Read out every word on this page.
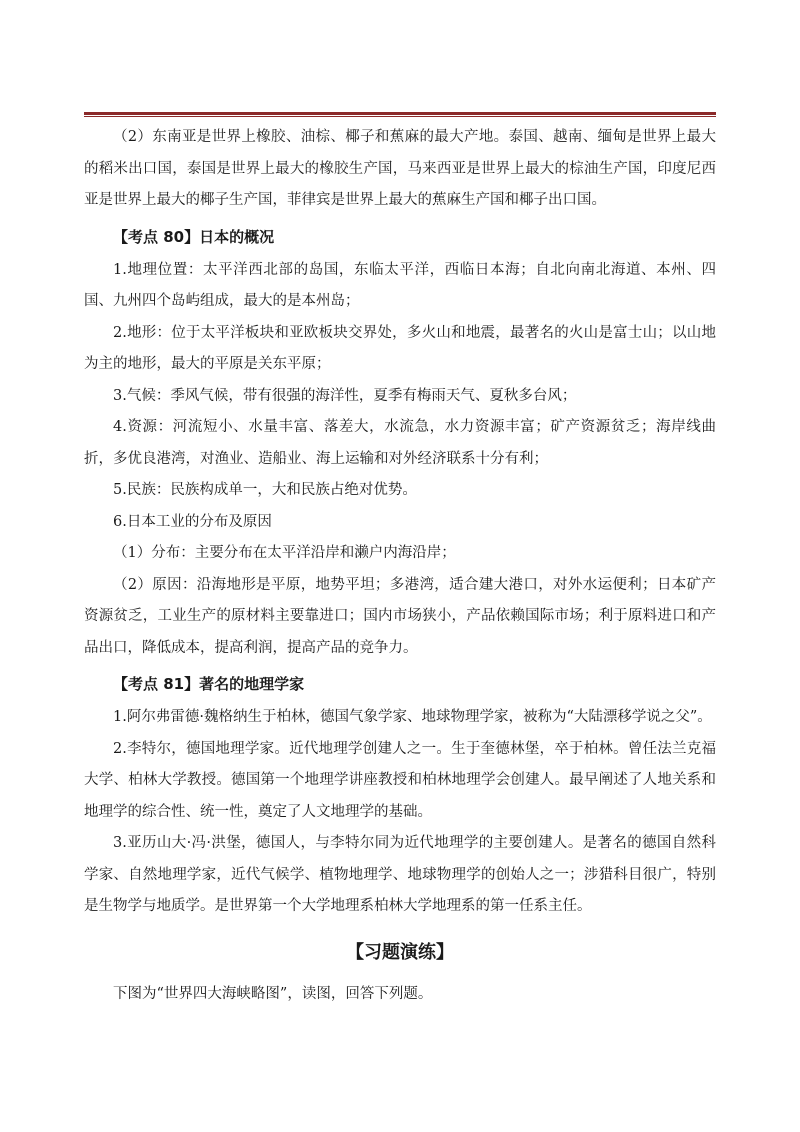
（2）东南亚是世界上橡胶、油棕、椰子和蕉麻的最大产地。泰国、越南、缅甸是世界上最大的稻米出口国，泰国是世界上最大的橡胶生产国，马来西亚是世界上最大的棕油生产国，印度尼西亚是世界上最大的椰子生产国，菲律宾是世界上最大的蕉麻生产国和椰子出口国。

【考点 80】日本的概况

1.地理位置：太平洋西北部的岛国，东临太平洋，西临日本海；自北向南北海道、本州、四国、九州四个岛屿组成，最大的是本州岛；

2.地形：位于太平洋板块和亚欧板块交界处，多火山和地震，最著名的火山是富士山；以山地为主的地形，最大的平原是关东平原；

3.气候：季风气候，带有很强的海洋性，夏季有梅雨天气、夏秋多台风；

4.资源：河流短小、水量丰富、落差大，水流急，水力资源丰富；矿产资源贫乏；海岸线曲折，多优良港湾，对渔业、造船业、海上运输和对外经济联系十分有利；

5.民族：民族构成单一，大和民族占绝对优势。

6.日本工业的分布及原因

（1）分布：主要分布在太平洋沿岸和濑户内海沿岸；

（2）原因：沿海地形是平原，地势平坦；多港湾，适合建大港口，对外水运便利；日本矿产资源贫乏，工业生产的原材料主要靠进口；国内市场狭小，产品依赖国际市场；利于原料进口和产品出口，降低成本，提高利润，提高产品的竞争力。

【考点 81】著名的地理学家

1.阿尔弗雷德·魏格纳生于柏林，德国气象学家、地球物理学家，被称为“大陆漂移学说之父”。

2.李特尔，德国地理学家。近代地理学创建人之一。生于奎德林堡，卒于柏林。曾任法兰克福大学、柏林大学教授。德国第一个地理学讲座教授和柏林地理学会创建人。最早阐述了人地关系和地理学的综合性、统一性，奠定了人文地理学的基础。

3.亚历山大·冯·洪堡，德国人，与李特尔同为近代地理学的主要创建人。是著名的德国自然科学家、自然地理学家，近代气候学、植物地理学、地球物理学的创始人之一；涉猎科目很广，特别是生物学与地质学。是世界第一个大学地理系柏林大学地理系的第一任系主任。

【习题演练】

下图为“世界四大海峡略图”，读图，回答下列题。
